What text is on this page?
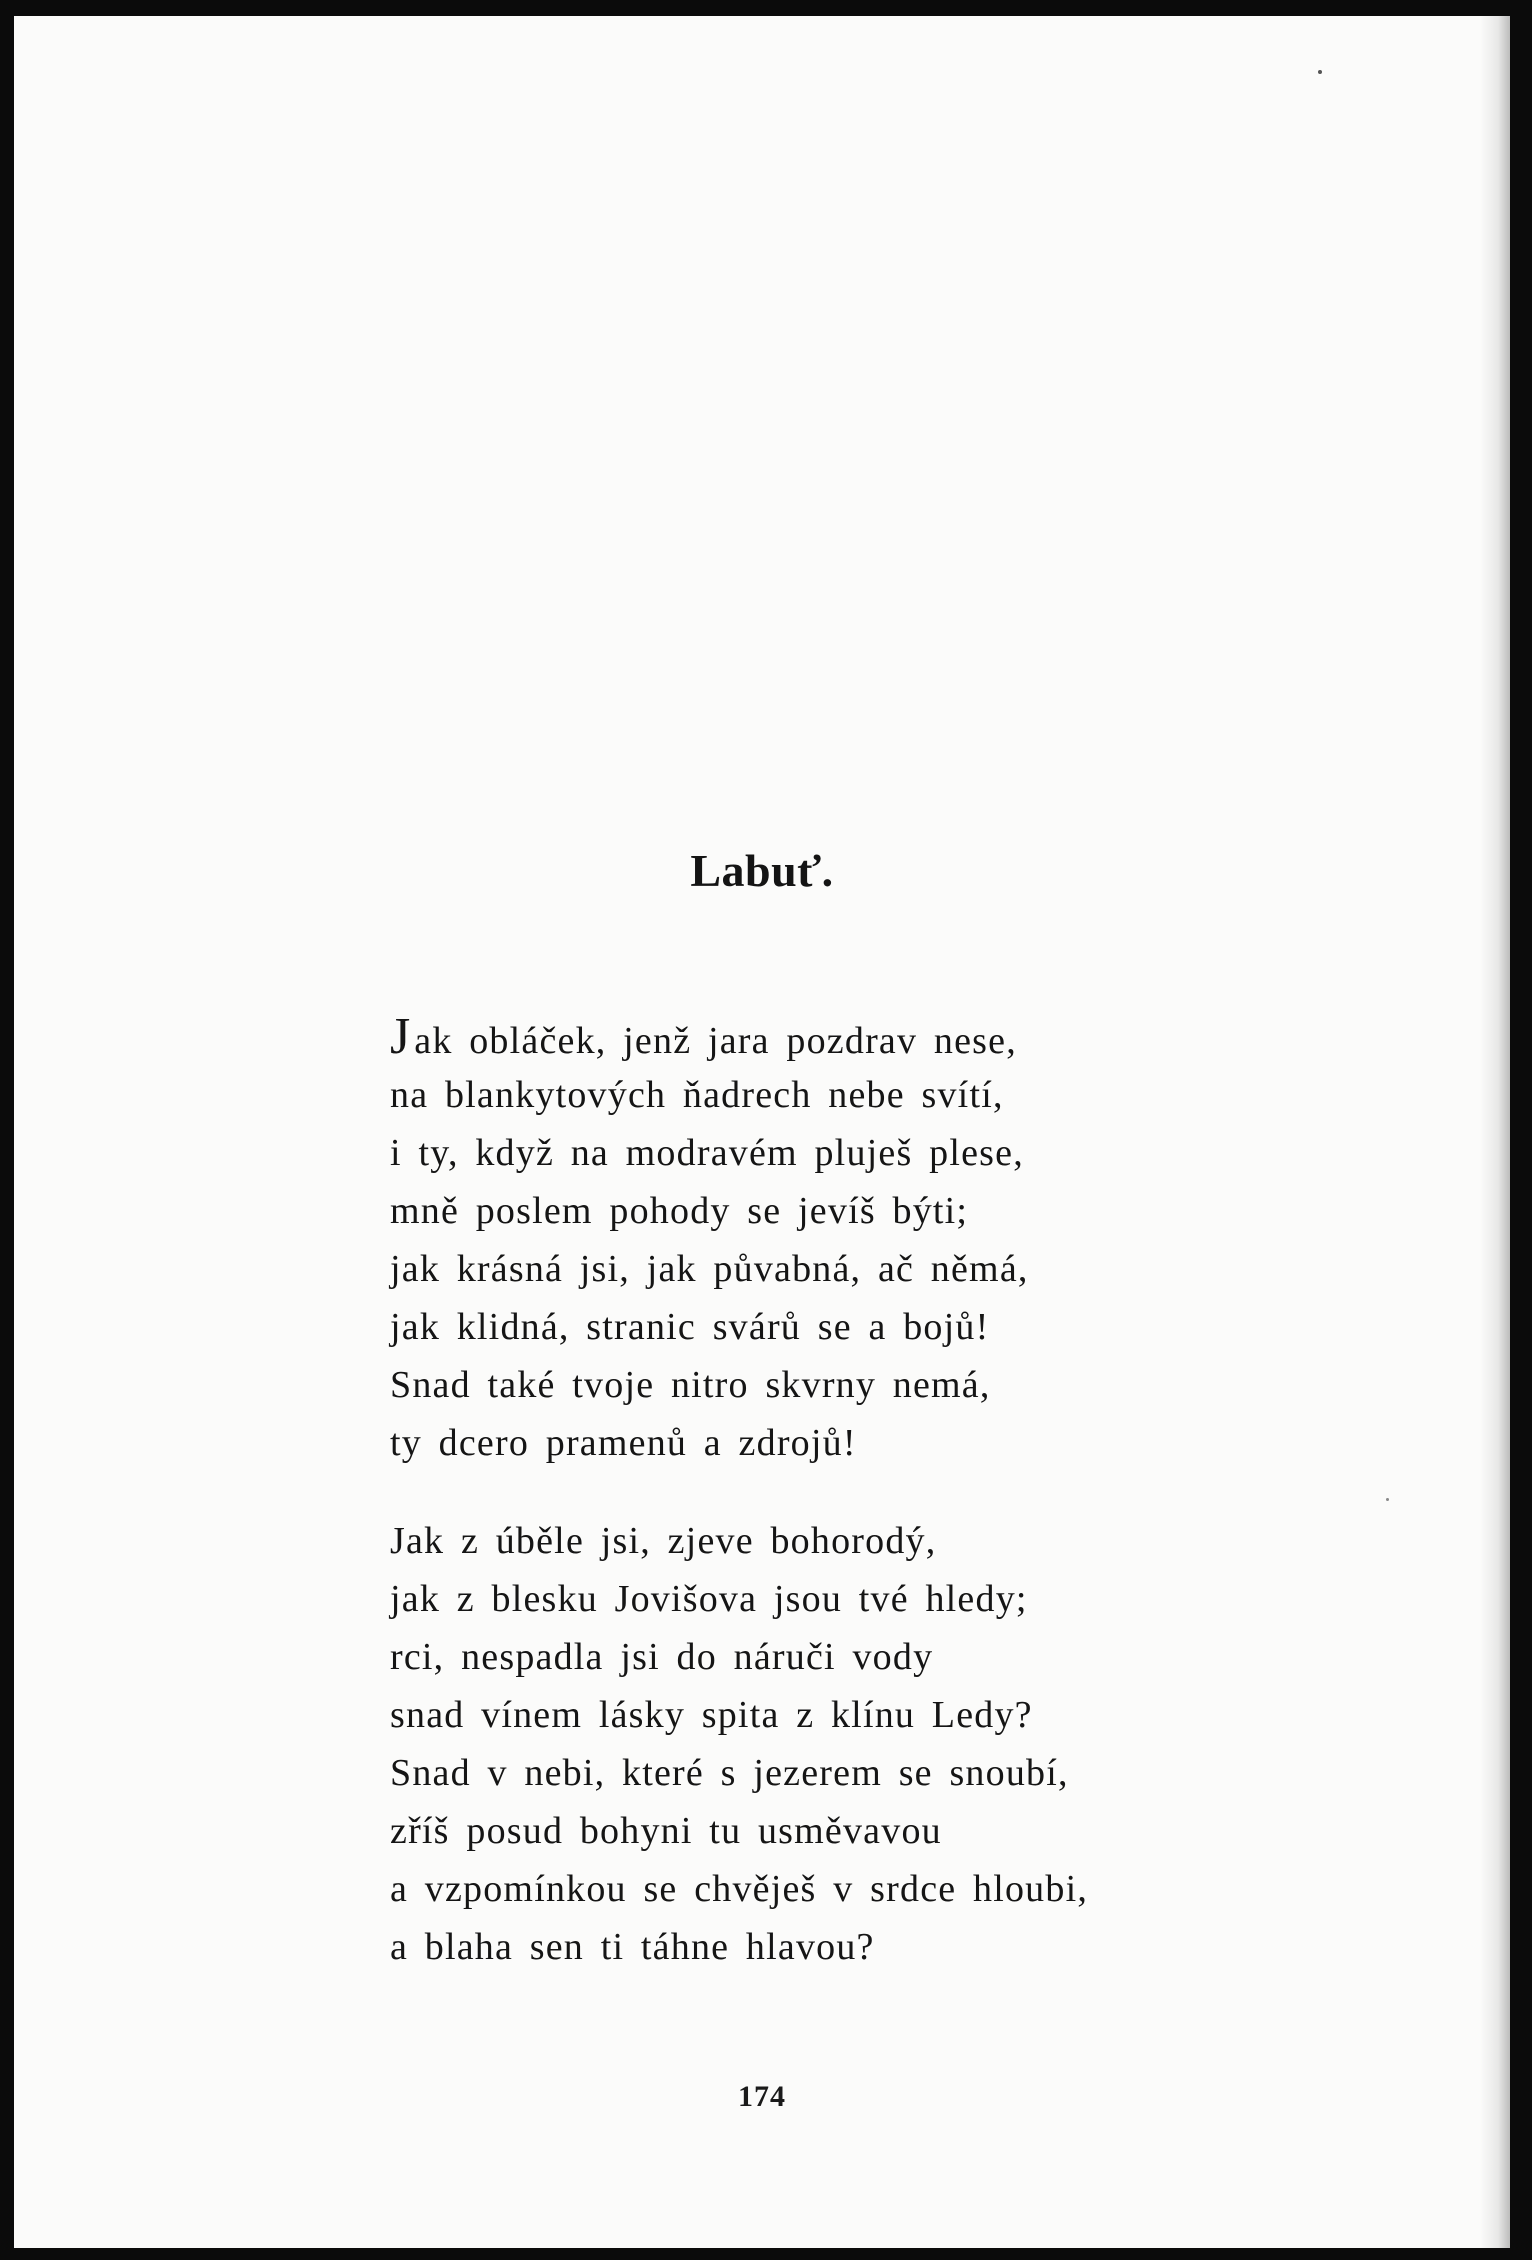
Labuť.
Jak obláček, jenž jara pozdrav nese,
na blankytových ňadrech nebe svítí,
i ty, když na modravém pluješ plese,
mně poslem pohody se jevíš býti;
jak krásná jsi, jak půvabná, ač němá,
jak klidná, stranic svárů se a bojů!
Snad také tvoje nitro skvrny nemá,
ty dcero pramenů a zdrojů!
Jak z úběle jsi, zjeve bohorodý,
jak z blesku Jovišova jsou tvé hledy;
rci, nespadla jsi do náruči vody
snad vínem lásky spita z klínu Ledy?
Snad v nebi, které s jezerem se snoubí,
zříš posud bohyni tu usměvavou
a vzpomínkou se chvěješ v srdce hloubi,
a blaha sen ti táhne hlavou?
174
